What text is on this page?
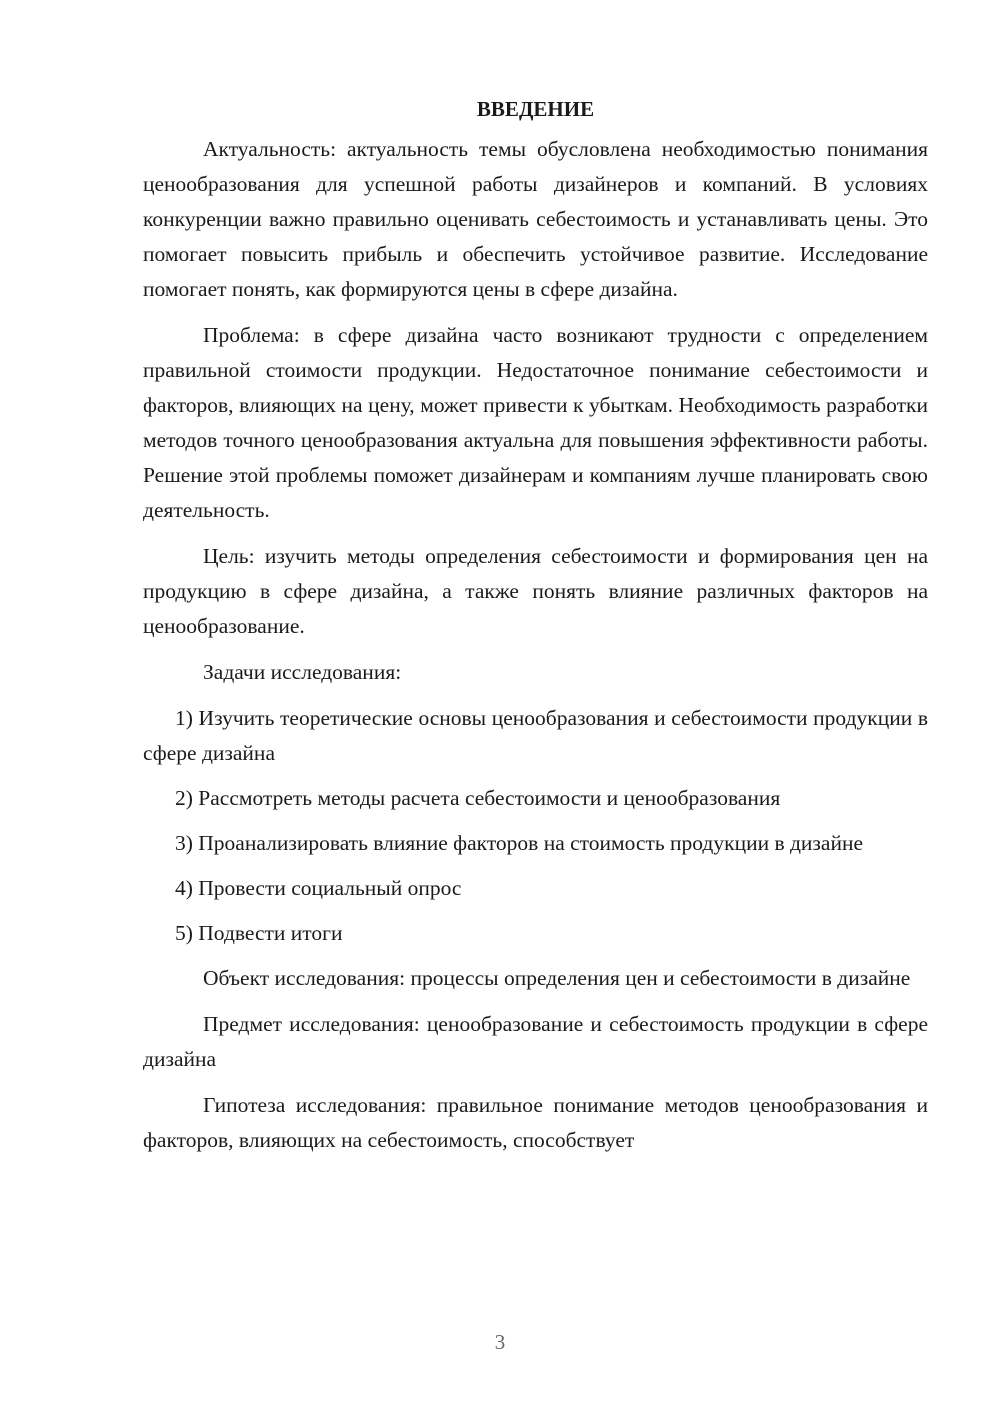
ВВЕДЕНИЕ

Актуальность: актуальность темы обусловлена необходимостью понимания ценообразования для успешной работы дизайнеров и компаний. В условиях конкуренции важно правильно оценивать себестоимость и устанавливать цены. Это помогает повысить прибыль и обеспечить устойчивое развитие. Исследование помогает понять, как формируются цены в сфере дизайна.

Проблема: в сфере дизайна часто возникают трудности с определением правильной стоимости продукции. Недостаточное понимание себестоимости и факторов, влияющих на цену, может привести к убыткам. Необходимость разработки методов точного ценообразования актуальна для повышения эффективности работы. Решение этой проблемы поможет дизайнерам и компаниям лучше планировать свою деятельность.

Цель: изучить методы определения себестоимости и формирования цен на продукцию в сфере дизайна, а также понять влияние различных факторов на ценообразование.

Задачи исследования:

1) Изучить теоретические основы ценообразования и себестоимости продукции в сфере дизайна

2) Рассмотреть методы расчета себестоимости и ценообразования

3) Проанализировать влияние факторов на стоимость продукции в дизайне

4) Провести социальный опрос

5) Подвести итоги

Объект исследования: процессы определения цен и себестоимости в дизайне

Предмет исследования: ценообразование и себестоимость продукции в сфере дизайна

Гипотеза исследования: правильное понимание методов ценообразования и факторов, влияющих на себестоимость, способствует

3
